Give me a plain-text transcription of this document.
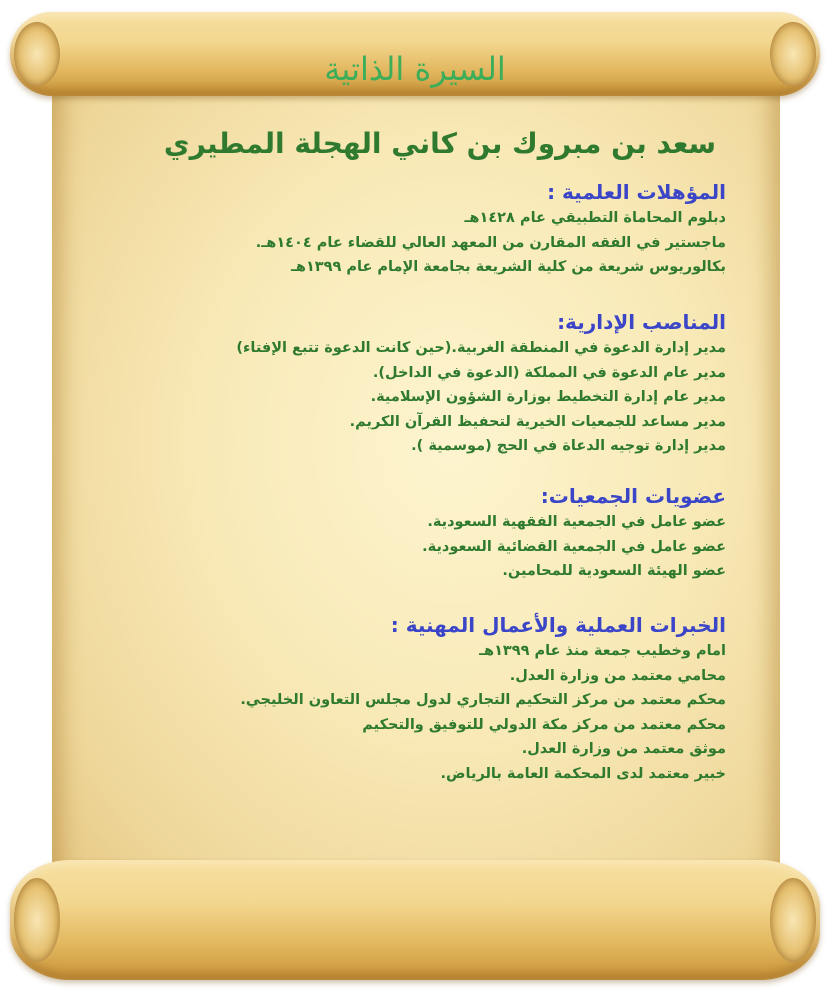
السيرة الذاتية
سعد بن مبروك بن كاني الهجلة المطيري
المؤهلات العلمية :
دبلوم المحاماة التطبيقي عام ١٤٢٨هـ
ماجستير في الفقه المقارن من المعهد العالي للقضاء عام ١٤٠٤هـ.
بكالوريوس شريعة من كلية الشريعة بجامعة الإمام عام ١٣٩٩هـ
المناصب الإدارية:
مدير إدارة الدعوة في المنطقة الغربية.(حين كانت الدعوة تتبع الإفتاء)
مدير عام الدعوة في المملكة (الدعوة في الداخل).
مدير عام إدارة التخطيط بوزارة الشؤون الإسلامية.
مدير مساعد للجمعيات الخيرية لتحفيظ القرآن الكريم.
مدير إدارة توجيه الدعاة في الحج (موسمية ).
عضويات الجمعيات:
عضو عامل في الجمعية الفقهية السعودية.
عضو عامل في الجمعية القضائية السعودية.
عضو الهيئة السعودية للمحامين.
الخبرات العملية والأعمال المهنية :
امام وخطيب جمعة منذ عام ١٣٩٩هـ
محامي معتمد من وزارة العدل.
محكم معتمد من مركز التحكيم التجاري لدول مجلس التعاون الخليجي.
محكم معتمد من مركز مكة الدولي للتوفيق والتحكيم
موثق معتمد من وزارة العدل.
خبير معتمد لدى المحكمة العامة بالرياض.
